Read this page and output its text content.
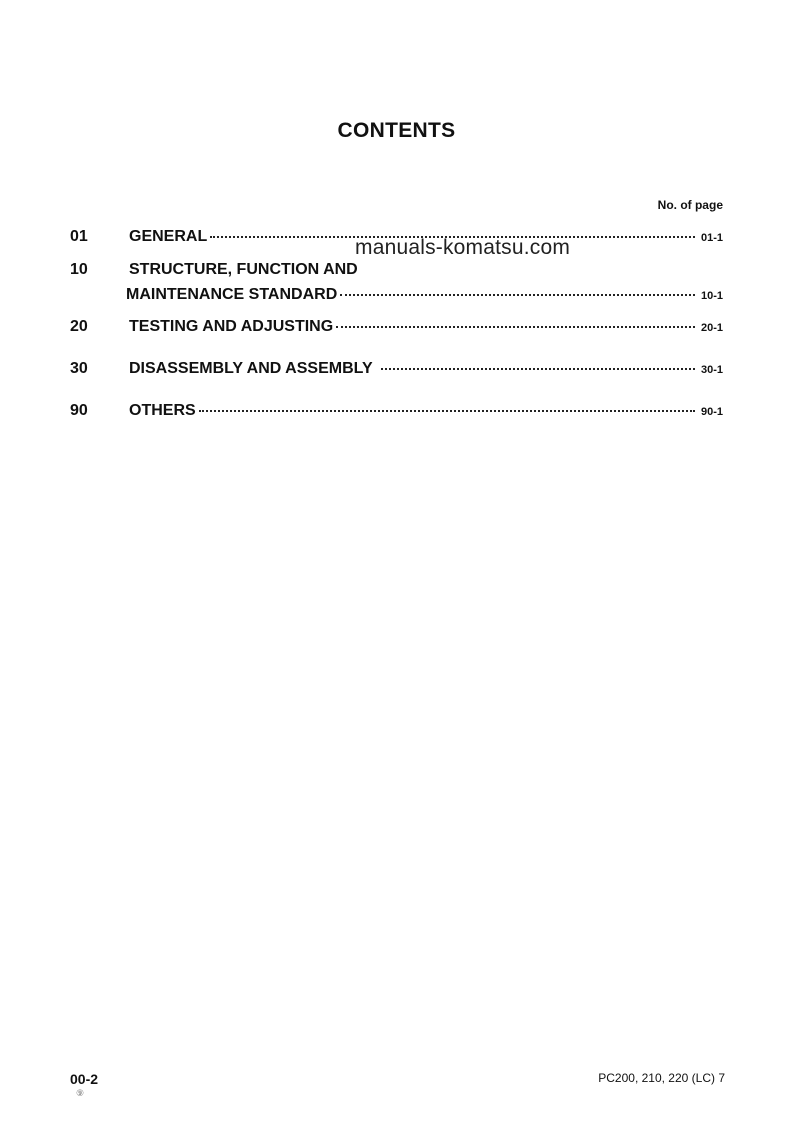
CONTENTS
No. of page
01	GENERAL	01-1
manuals-komatsu.com
10	STRUCTURE, FUNCTION AND
MAINTENANCE STANDARD	10-1
20	TESTING AND ADJUSTING	20-1
30	DISASSEMBLY AND ASSEMBLY	30-1
90	OTHERS	90-1
00-2
⑨
PC200, 210, 220 (LC) 7
